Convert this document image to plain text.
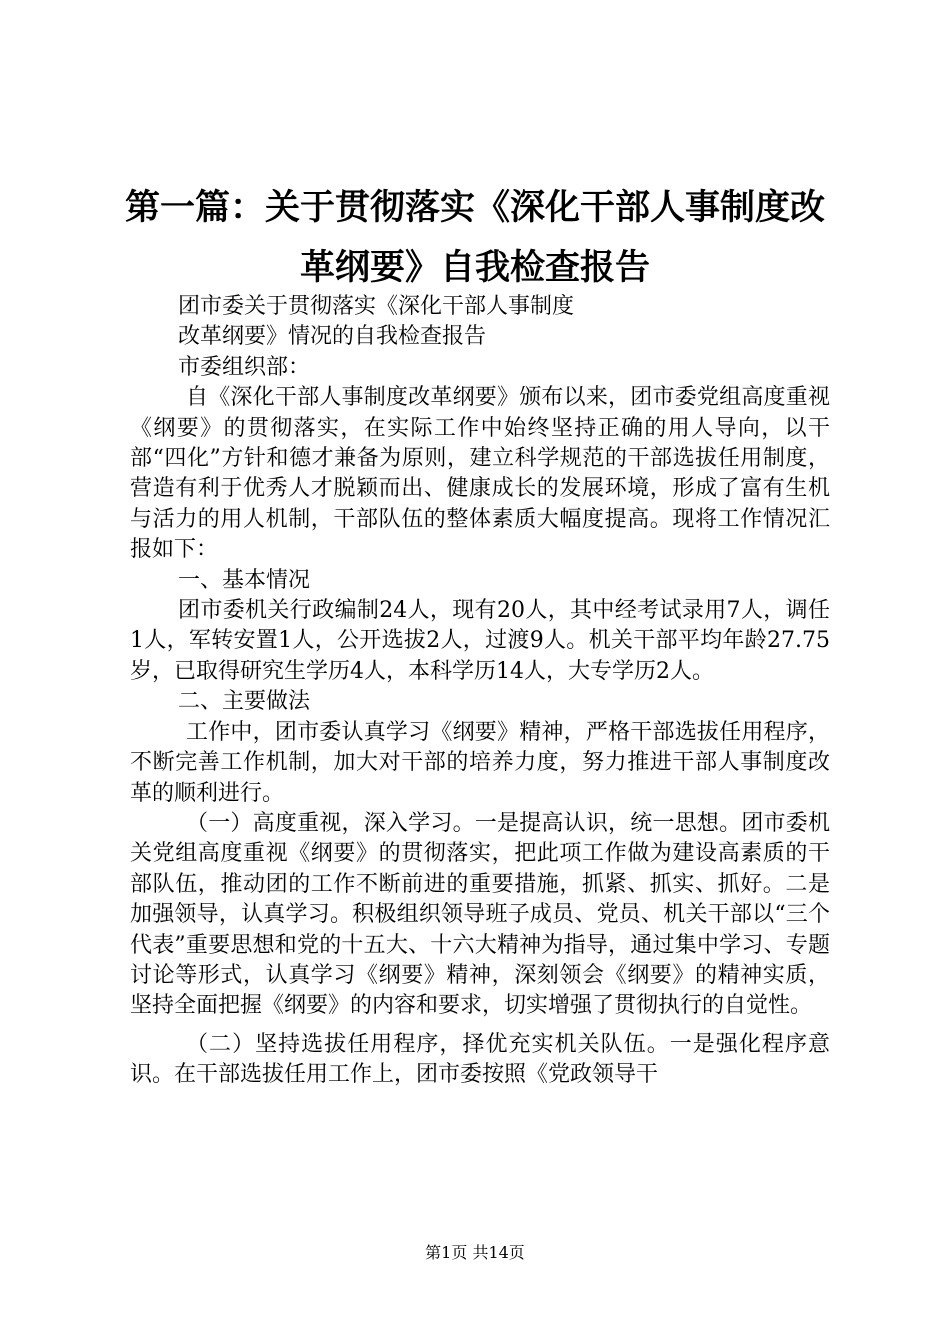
第一篇：关于贯彻落实《深化干部人事制度改
革纲要》自我检查报告

团市委关于贯彻落实《深化干部人事制度

改革纲要》情况的自我检查报告

市委组织部：

自《深化干部人事制度改革纲要》颁布以来，团市委党组高度重视《纲要》的贯彻落实，在实际工作中始终坚持正确的用人导向，以干部“四化”方针和德才兼备为原则，建立科学规范的干部选拔任用制度，营造有利于优秀人才脱颖而出、健康成长的发展环境，形成了富有生机与活力的用人机制，干部队伍的整体素质大幅度提高。现将工作情况汇报如下：

一、基本情况

团市委机关行政编制24人，现有20人，其中经考试录用7人，调任1人，军转安置1人，公开选拔2人，过渡9人。机关干部平均年龄27.75岁，已取得研究生学历4人，本科学历14人，大专学历2人。

二、主要做法

工作中，团市委认真学习《纲要》精神，严格干部选拔任用程序，不断完善工作机制，加大对干部的培养力度，努力推进干部人事制度改革的顺利进行。

（一）高度重视，深入学习。一是提高认识，统一思想。团市委机关党组高度重视《纲要》的贯彻落实，把此项工作做为建设高素质的干部队伍，推动团的工作不断前进的重要措施，抓紧、抓实、抓好。二是加强领导，认真学习。积极组织领导班子成员、党员、机关干部以“三个代表”重要思想和党的十五大、十六大精神为指导，通过集中学习、专题讨论等形式，认真学习《纲要》精神，深刻领会《纲要》的精神实质，坚持全面把握《纲要》的内容和要求，切实增强了贯彻执行的自觉性。

（二）坚持选拔任用程序，择优充实机关队伍。一是强化程序意识。在干部选拔任用工作上，团市委按照《党政领导干

第1页 共14页
